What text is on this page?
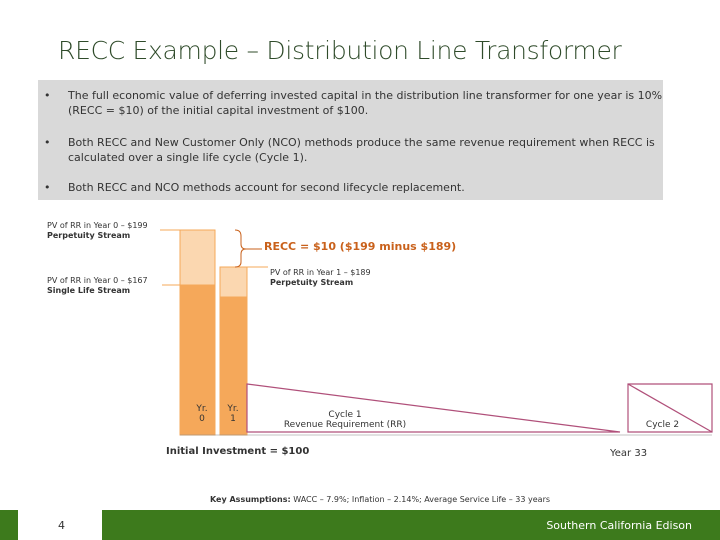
RECC Example – Distribution Line Transformer
• The full economic value of deferring invested capital in the distribution line transformer for one year is 10% (RECC = $10) of the initial capital investment of $100.
• Both RECC and New Customer Only (NCO) methods produce the same revenue requirement when RECC is calculated over a single life cycle (Cycle 1).
• Both RECC and NCO methods account for second lifecycle replacement.
PV of RR in Year 0 – $199
Perpetuity Stream
PV of RR in Year 0 – $167
Single Life Stream
PV of RR in Year 1 – $189
Perpetuity Stream
RECC = $10 ($199 minus $189)
Yr.
0
Yr.
1	Cycle 1
Revenue Requirement (RR)	Cycle 2
Initial Investment = $100	Year 33
Key Assumptions: WACC – 7.9%; Inflation – 2.14%; Average Service Life – 33 years
4	Southern California Edison
